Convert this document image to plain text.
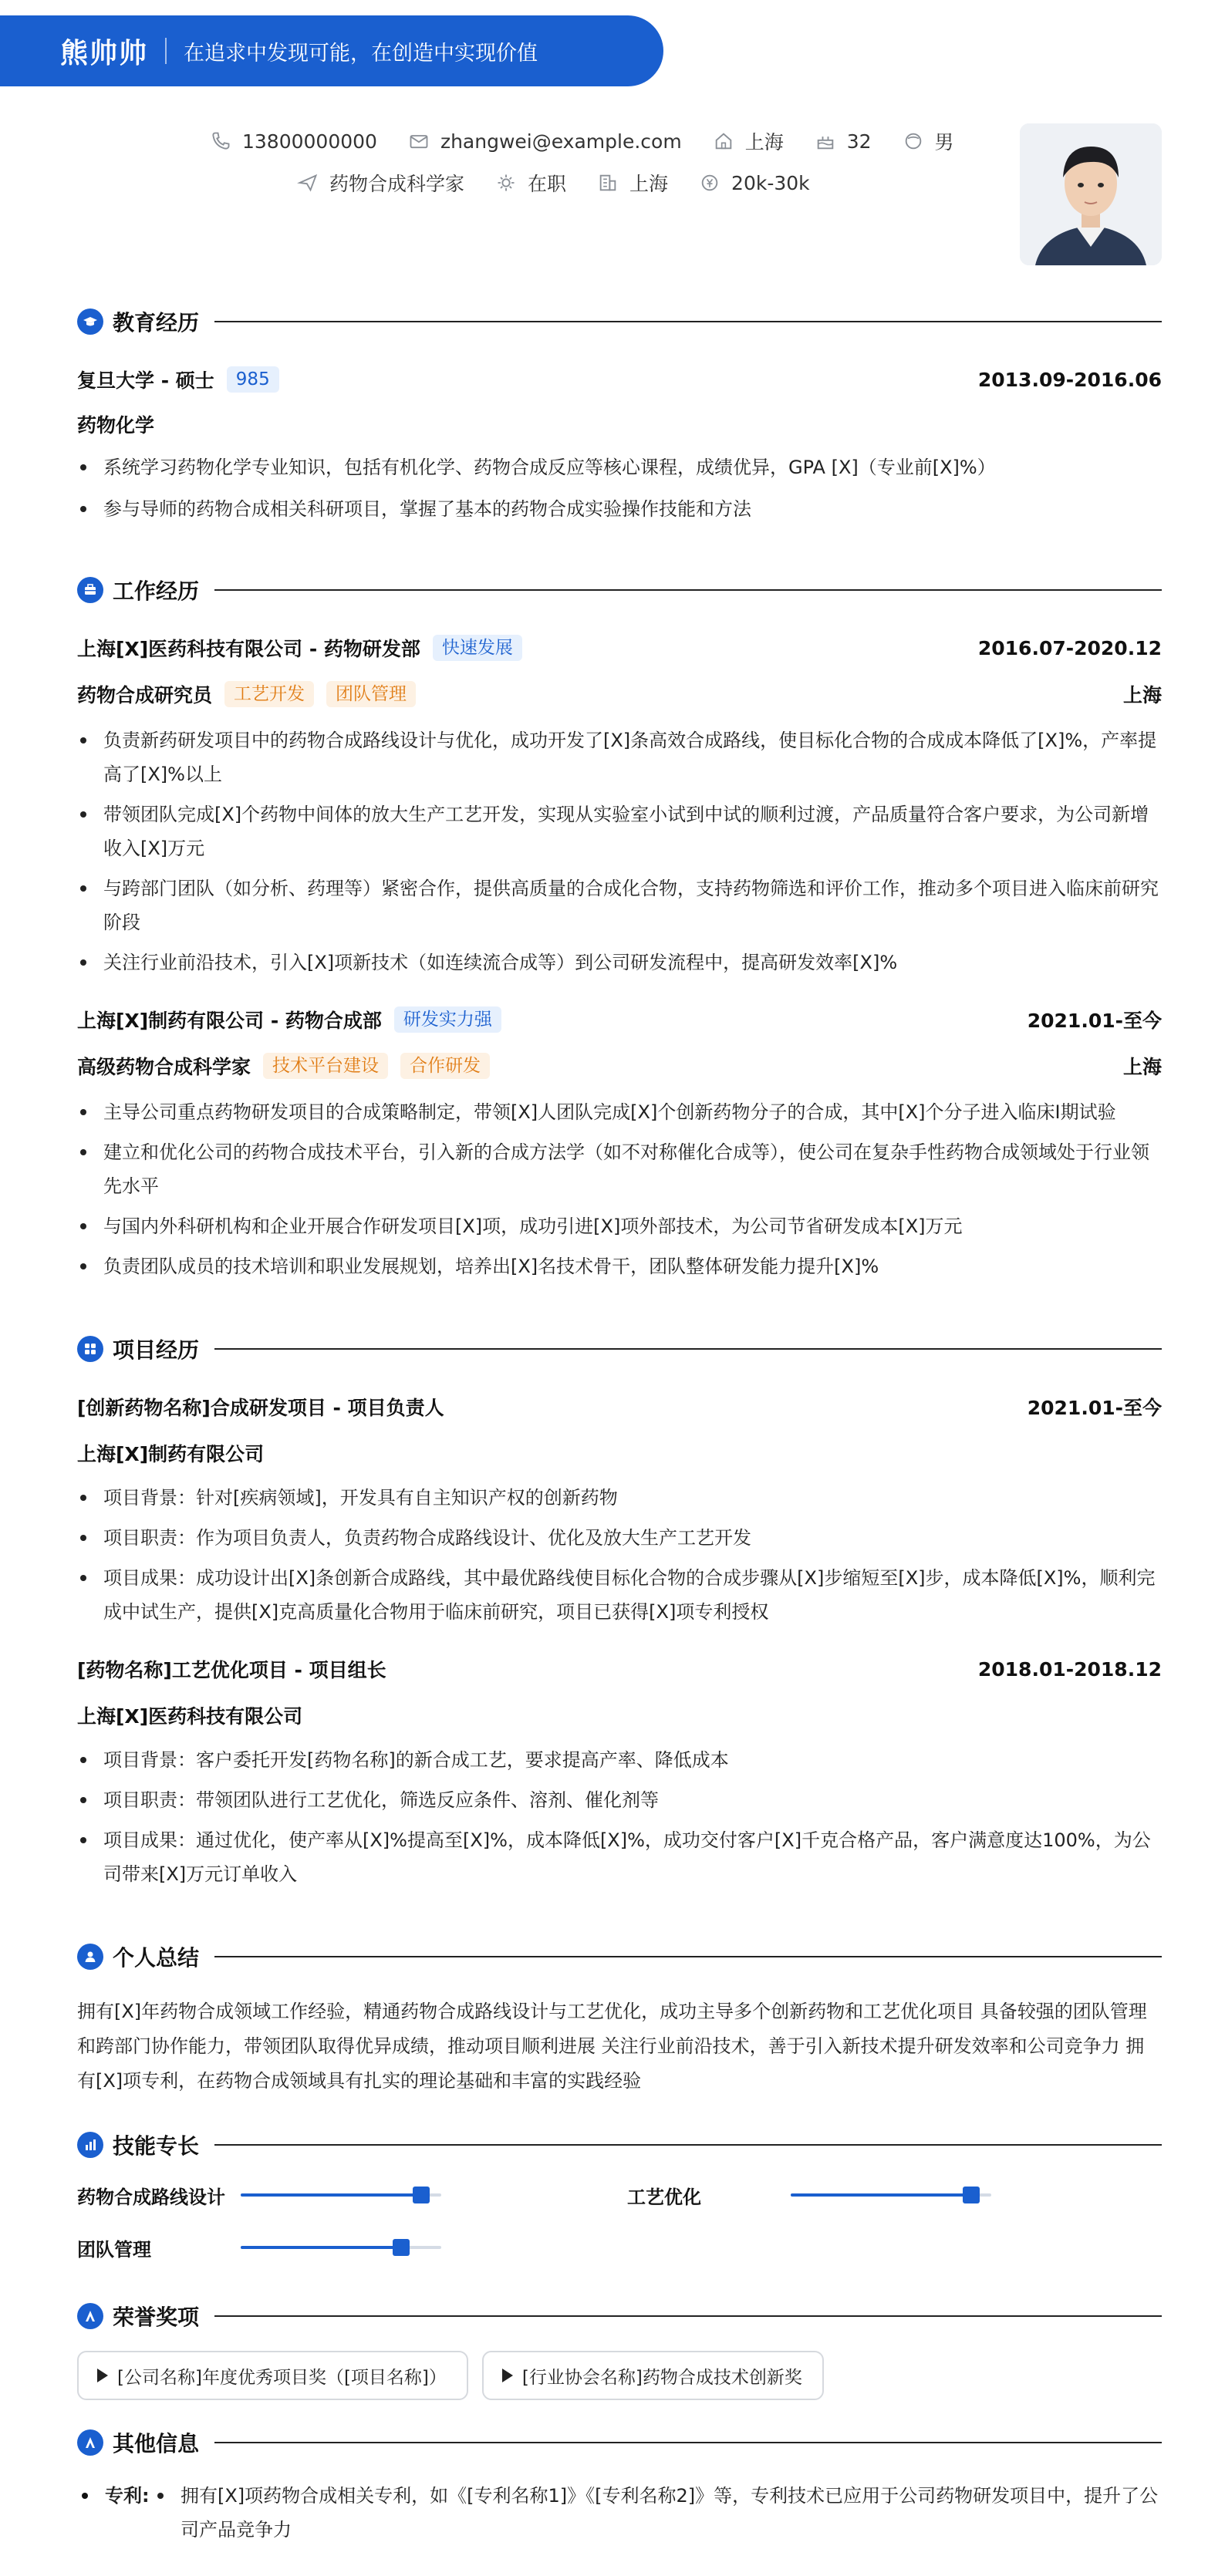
熊帅帅 在追求中发现可能，在创造中实现价值
13800000000	zhangwei@example.com	上海	32	男
药物合成科学家	在职	上海	20k-30k
教育经历
复旦大学 - 硕士	985	2013.09-2016.06
药物化学
系统学习药物化学专业知识，包括有机化学、药物合成反应等核心课程，成绩优异，GPA [X]（专业前[X]%）
参与导师的药物合成相关科研项目，掌握了基本的药物合成实验操作技能和方法
工作经历
上海[X]医药科技有限公司 - 药物研发部	快速发展	2016.07-2020.12
药物合成研究员	工艺开发	团队管理	上海
负责新药研发项目中的药物合成路线设计与优化，成功开发了[X]条高效合成路线，使目标化合物的合成成本降低了[X]%，产率提高了[X]%以上
带领团队完成[X]个药物中间体的放大生产工艺开发，实现从实验室小试到中试的顺利过渡，产品质量符合客户要求，为公司新增收入[X]万元
与跨部门团队（如分析、药理等）紧密合作，提供高质量的合成化合物，支持药物筛选和评价工作，推动多个项目进入临床前研究阶段
关注行业前沿技术，引入[X]项新技术（如连续流合成等）到公司研发流程中，提高研发效率[X]%
上海[X]制药有限公司 - 药物合成部	研发实力强	2021.01-至今
高级药物合成科学家	技术平台建设	合作研发	上海
主导公司重点药物研发项目的合成策略制定，带领[X]人团队完成[X]个创新药物分子的合成，其中[X]个分子进入临床I期试验
建立和优化公司的药物合成技术平台，引入新的合成方法学（如不对称催化合成等），使公司在复杂手性药物合成领域处于行业领先水平
与国内外科研机构和企业开展合作研发项目[X]项，成功引进[X]项外部技术，为公司节省研发成本[X]万元
负责团队成员的技术培训和职业发展规划，培养出[X]名技术骨干，团队整体研发能力提升[X]%
项目经历
[创新药物名称]合成研发项目 - 项目负责人	2021.01-至今
上海[X]制药有限公司
项目背景：针对[疾病领域]，开发具有自主知识产权的创新药物
项目职责：作为项目负责人，负责药物合成路线设计、优化及放大生产工艺开发
项目成果：成功设计出[X]条创新合成路线，其中最优路线使目标化合物的合成步骤从[X]步缩短至[X]步，成本降低[X]%，顺利完成中试生产，提供[X]克高质量化合物用于临床前研究，项目已获得[X]项专利授权
[药物名称]工艺优化项目 - 项目组长	2018.01-2018.12
上海[X]医药科技有限公司
项目背景：客户委托开发[药物名称]的新合成工艺，要求提高产率、降低成本
项目职责：带领团队进行工艺优化，筛选反应条件、溶剂、催化剂等
项目成果：通过优化，使产率从[X]%提高至[X]%，成本降低[X]%，成功交付客户[X]千克合格产品，客户满意度达100%，为公司带来[X]万元订单收入
个人总结
拥有[X]年药物合成领域工作经验，精通药物合成路线设计与工艺优化，成功主导多个创新药物和工艺优化项目 具备较强的团队管理和跨部门协作能力，带领团队取得优异成绩，推动项目顺利进展 关注行业前沿技术，善于引入新技术提升研发效率和公司竞争力 拥有[X]项专利，在药物合成领域具有扎实的理论基础和丰富的实践经验
技能专长
药物合成路线设计	工艺优化
团队管理
荣誉奖项
[公司名称]年度优秀项目奖（[项目名称]）	[行业协会名称]药物合成技术创新奖
其他信息
专利:	拥有[X]项药物合成相关专利，如《[专利名称1]》《[专利名称2]》等，专利技术已应用于公司药物研发项目中，提升了公司产品竞争力
